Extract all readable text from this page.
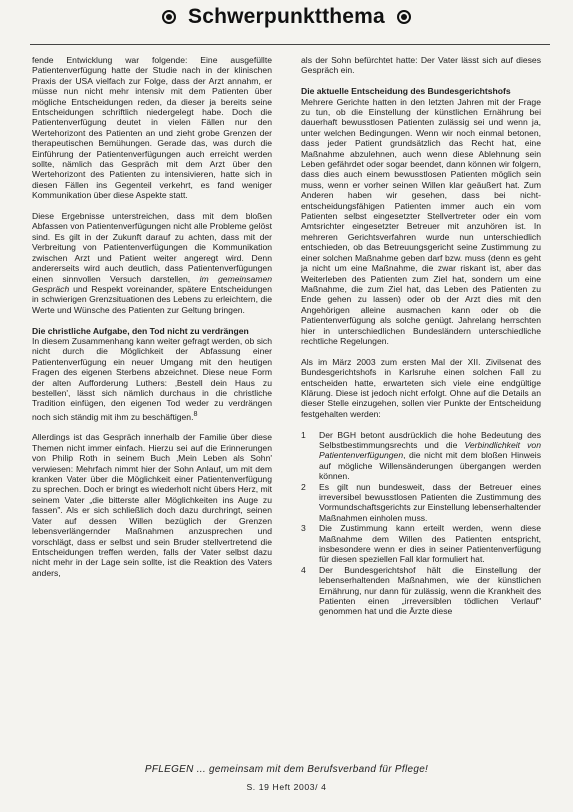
Schwerpunktthema

fende Entwicklung war folgende: Eine ausgefüllte Patientenverfügung hatte der Studie nach in der klinischen Praxis der USA vielfach zur Folge, dass der Arzt annahm, er müsse nun nicht mehr intensiv mit dem Patienten über mögliche Entscheidungen reden, da dieser ja bereits seine Entscheidungen schriftlich niedergelegt habe. Doch die Patientenverfügung deutet in vielen Fällen nur den Wertehorizont des Patienten an und zieht grobe Grenzen der therapeutischen Bemühungen. Gerade das, was durch die Einführung der Patientenverfügungen auch erreicht werden sollte, nämlich das Gespräch mit dem Arzt über den Wertehorizont des Patienten zu intensivieren, hatte sich in diesen Fällen ins Gegenteil verkehrt, es fand weniger Kommunikation über diese Aspekte statt.

Diese Ergebnisse unterstreichen, dass mit dem bloßen Abfassen von Patientenverfügungen nicht alle Probleme gelöst sind. Es gilt in der Zukunft darauf zu achten, dass mit der Verbreitung von Patientenverfügungen die Kommunikation zwischen Arzt und Patient weiter angeregt wird. Denn andererseits wird auch deutlich, dass Patientenverfügungen einen sinnvollen Versuch darstellen, im gemeinsamen Gespräch und Respekt voreinander, spätere Entscheidungen in schwierigen Grenzsituationen des Lebens zu erleichtern, die Werte und Wünsche des Patienten zur Geltung bringen.

Die christliche Aufgabe, den Tod nicht zu verdrängen

In diesem Zusammenhang kann weiter gefragt werden, ob sich nicht durch die Möglichkeit der Abfassung einer Patientenverfügung ein neuer Umgang mit den heutigen Fragen des eigenen Sterbens abzeichnet. Diese neue Form der alten Aufforderung Luthers: ‚Bestell dein Haus zu bestellen', lässt sich nämlich durchaus in die christliche Tradition einfügen, den eigenen Tod weder zu verdrängen noch sich ständig mit ihm zu beschäftigen.$^8$

Allerdings ist das Gespräch innerhalb der Familie über diese Themen nicht immer einfach. Hierzu sei auf die Erinnerungen von Philip Roth in seinem Buch ‚Mein Leben als Sohn' verwiesen: Mehrfach nimmt hier der Sohn Anlauf, um mit dem kranken Vater über die Möglichkeit einer Patientenverfügung zu sprechen. Doch er bringt es wiederholt nicht übers Herz, mit seinem Vater „die bitterste aller Möglichkeiten ins Auge zu fassen". Als er sich schließlich doch dazu durchringt, seinen Vater auf dessen Willen bezüglich der Grenzen lebensverlängernder Maßnahmen anzusprechen und vorschlägt, dass er selbst und sein Bruder stellvertretend die Entscheidungen treffen werden, falls der Vater selbst dazu nicht mehr in der Lage sein sollte, ist die Reaktion des Vaters anders,

als der Sohn befürchtet hatte: Der Vater lässt sich auf dieses Gespräch ein.

Die aktuelle Entscheidung des Bundesgerichtshofs

Mehrere Gerichte hatten in den letzten Jahren mit der Frage zu tun, ob die Einstellung der künstlichen Ernährung bei dauerhaft bewusstlosen Patienten zulässig sei und wenn ja, unter welchen Bedingungen. Wenn wir noch einmal betonen, dass jeder Patient grundsätzlich das Recht hat, eine Maßnahme abzulehnen, auch wenn diese Ablehnung sein Leben gefährdet oder sogar beendet, dann können wir folgern, dass dies auch einem bewusstlosen Patienten möglich sein muss, wenn er vorher seinen Willen klar geäußert hat. Zum Anderen haben wir gesehen, dass bei nicht-entscheidungsfähigen Patienten immer auch ein vom Patienten selbst eingesetzter Stellvertreter oder ein vom Amtsrichter eingesetzter Betreuer mit anzuhören ist. In mehreren Gerichtsverfahren wurde nun unterschiedlich entschieden, ob das Betreuungsgericht seine Zustimmung zu einer solchen Maßnahme geben darf bzw. muss (denn es geht ja nicht um eine Maßnahme, die zwar riskant ist, aber das Weiterleben des Patienten zum Ziel hat, sondern um eine Maßnahme, die zum Ziel hat, das Leben des Patienten zu Ende gehen zu lassen) oder ob der Arzt dies mit den Angehörigen alleine ausmachen kann oder ob die Patientenverfügung als solche genügt. Jahrelang herrschten hier in unterschiedlichen Bundesländern unterschiedliche rechtliche Regelungen.

Als im März 2003 zum ersten Mal der XII. Zivilsenat des Bundesgerichtshofs in Karlsruhe einen solchen Fall zu entscheiden hatte, erwarteten sich viele eine endgültige Klärung. Diese ist jedoch nicht erfolgt. Ohne auf die Details an dieser Stelle einzugehen, sollen vier Punkte der Entscheidung festgehalten werden:

1	Der BGH betont ausdrücklich die hohe Bedeutung des Selbstbestimmungsrechts und die Verbindlichkeit von Patientenverfügungen, die nicht mit dem bloßen Hinweis auf mögliche Willensänderungen übergangen werden können.
2	Es gilt nun bundesweit, dass der Betreuer eines irreversibel bewusstlosen Patienten die Zustimmung des Vormundschaftsgerichts zur Einstellung lebenserhaltender Maßnahmen einholen muss.
3	Die Zustimmung kann erteilt werden, wenn diese Maßnahme dem Willen des Patienten entspricht, insbesondere wenn er dies in seiner Patientenverfügung für diesen speziellen Fall klar formuliert hat.
4	Der Bundesgerichtshof hält die Einstellung der lebenserhaltenden Maßnahmen, wie der künstlichen Ernährung, nur dann für zulässig, wenn die Krankheit des Patienten einen „irreversiblen tödlichen Verlauf" genommen hat und die Ärzte diese
PFLEGEN ... gemeinsam mit dem Berufsverband für Pflege!
S. 19 Heft 2003/ 4
